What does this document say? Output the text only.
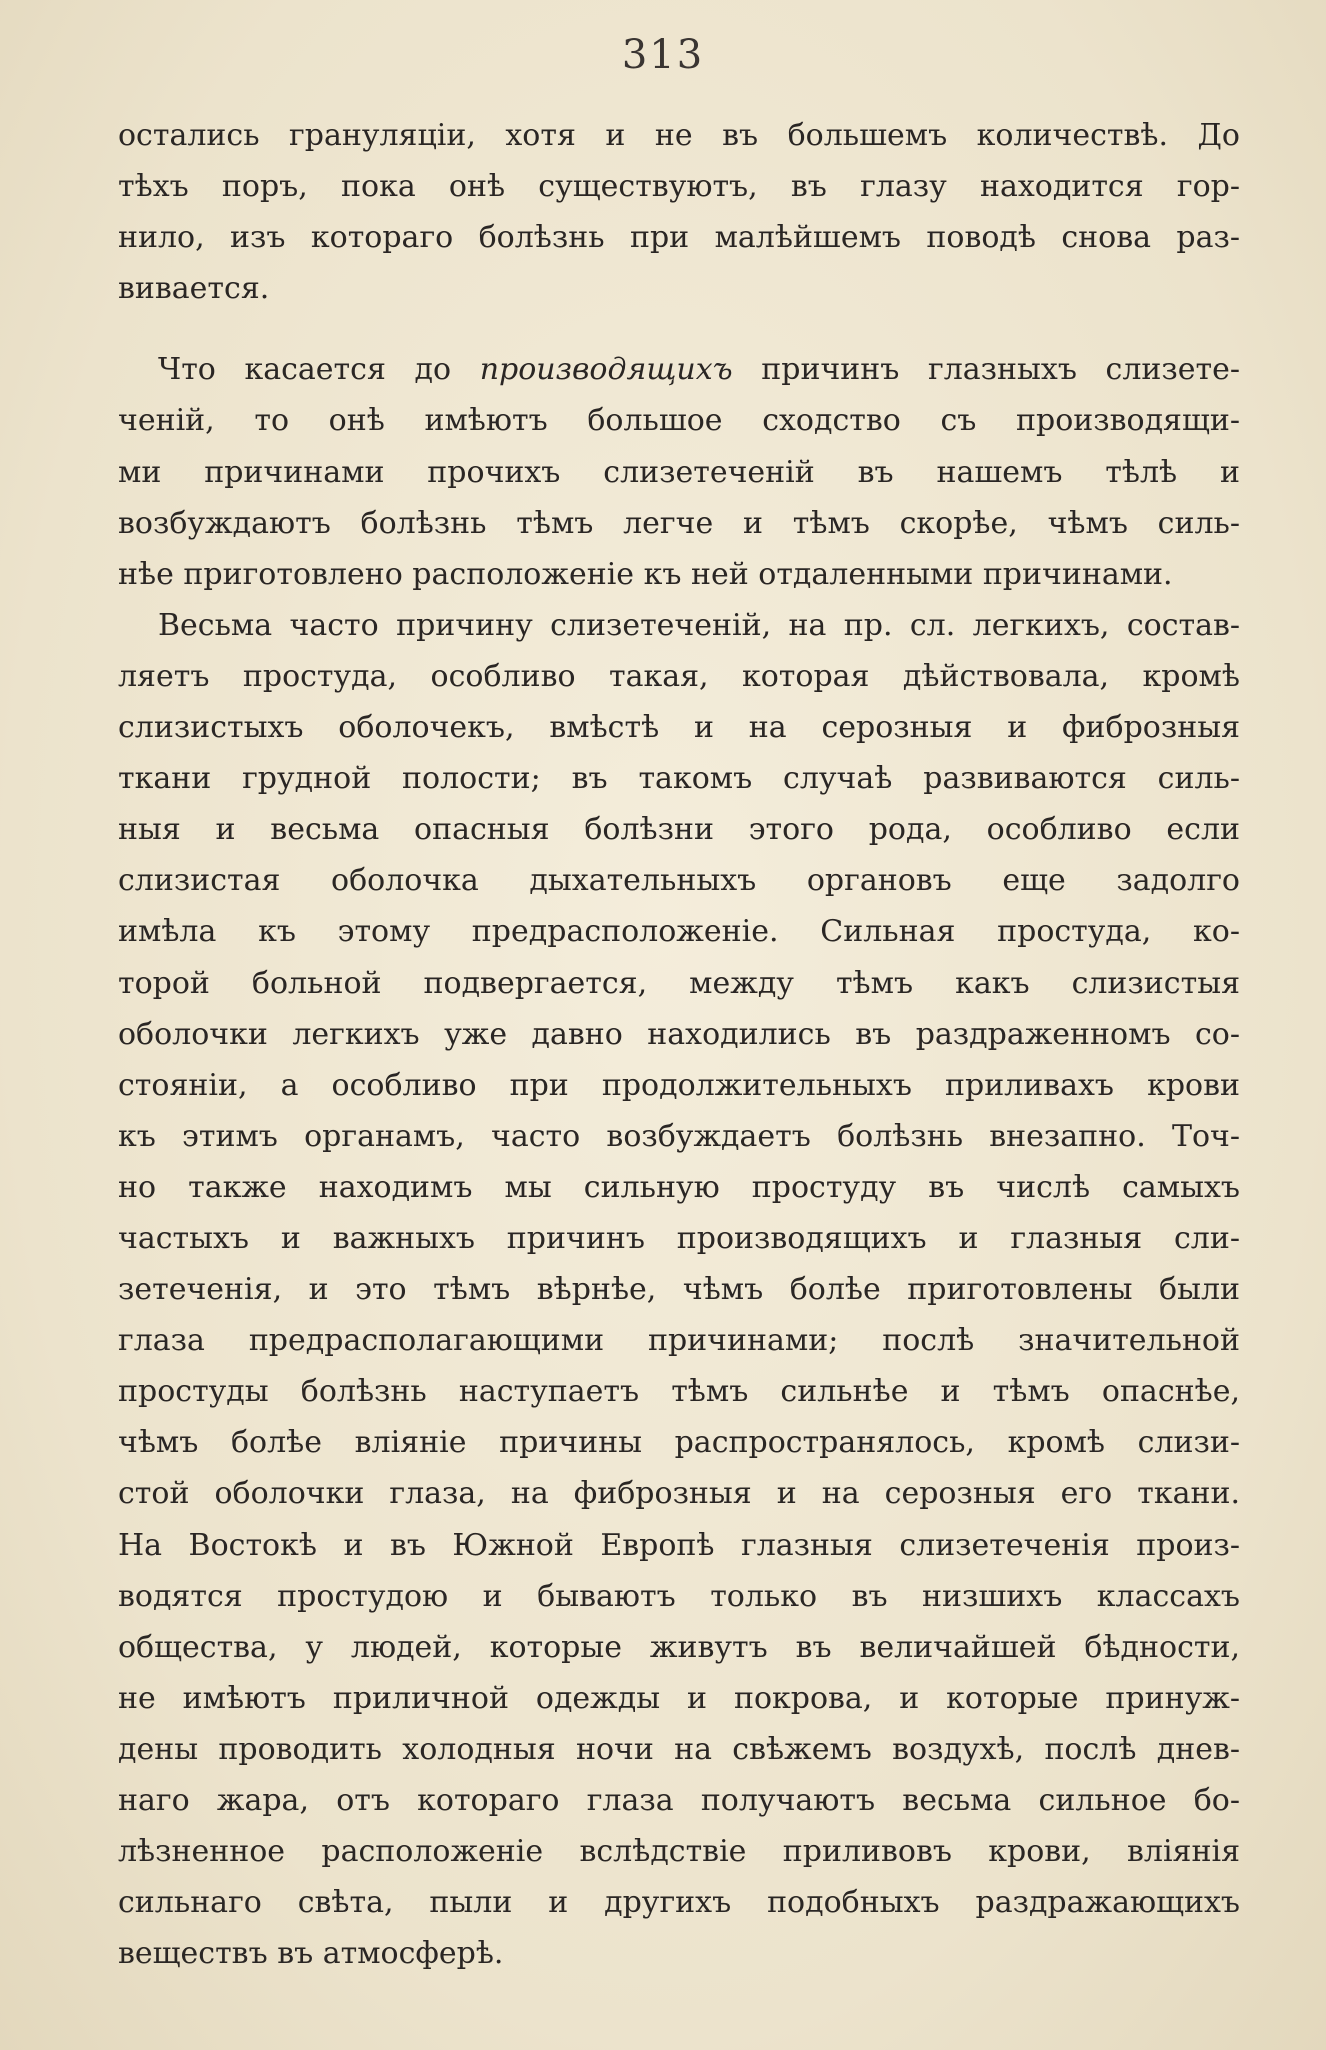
313
остались грануляціи, хотя и не въ большемъ количествѣ. До
тѣхъ поръ, пока онѣ существуютъ, въ глазу находится гор-
нило, изъ котораго болѣзнь при малѣйшемъ поводѣ снова раз-
вивается.
Что касается до производящихъ причинъ глазныхъ слизете-
ченій, то онѣ имѣютъ большое сходство съ производящи-
ми причинами прочихъ слизетеченій въ нашемъ тѣлѣ и
возбуждаютъ болѣзнь тѣмъ легче и тѣмъ скорѣе, чѣмъ силь-
нѣе приготовлено расположеніе къ ней отдаленными причинами.
Весьма часто причину слизетеченій, на пр. сл. легкихъ, состав-
ляетъ простуда, особливо такая, которая дѣйствовала, кромѣ
слизистыхъ оболочекъ, вмѣстѣ и на серозныя и фиброзныя
ткани грудной полости; въ такомъ случаѣ развиваются силь-
ныя и весьма опасныя болѣзни этого рода, особливо если
слизистая оболочка дыхательныхъ органовъ еще задолго
имѣла къ этому предрасположеніе. Сильная простуда, ко-
торой больной подвергается, между тѣмъ какъ слизистыя
оболочки легкихъ уже давно находились въ раздраженномъ со-
стояніи, а особливо при продолжительныхъ приливахъ крови
къ этимъ органамъ, часто возбуждаетъ болѣзнь внезапно. Точ-
но также находимъ мы сильную простуду въ числѣ самыхъ
частыхъ и важныхъ причинъ производящихъ и глазныя сли-
зетеченія, и это тѣмъ вѣрнѣе, чѣмъ болѣе приготовлены были
глаза предрасполагающими причинами; послѣ значительной
простуды болѣзнь наступаетъ тѣмъ сильнѣе и тѣмъ опаснѣе,
чѣмъ болѣе вліяніе причины распространялось, кромѣ слизи-
стой оболочки глаза, на фиброзныя и на серозныя его ткани.
На Востокѣ и въ Южной Европѣ глазныя слизетеченія произ-
водятся простудою и бываютъ только въ низшихъ классахъ
общества, у людей, которые живутъ въ величайшей бѣдности,
не имѣютъ приличной одежды и покрова, и которые принуж-
дены проводить холодныя ночи на свѣжемъ воздухѣ, послѣ днев-
наго жара, отъ котораго глаза получаютъ весьма сильное бо-
лѣзненное расположеніе вслѣдствіе приливовъ крови, вліянія
сильнаго свѣта, пыли и другихъ подобныхъ раздражающихъ
веществъ въ атмосферѣ.
